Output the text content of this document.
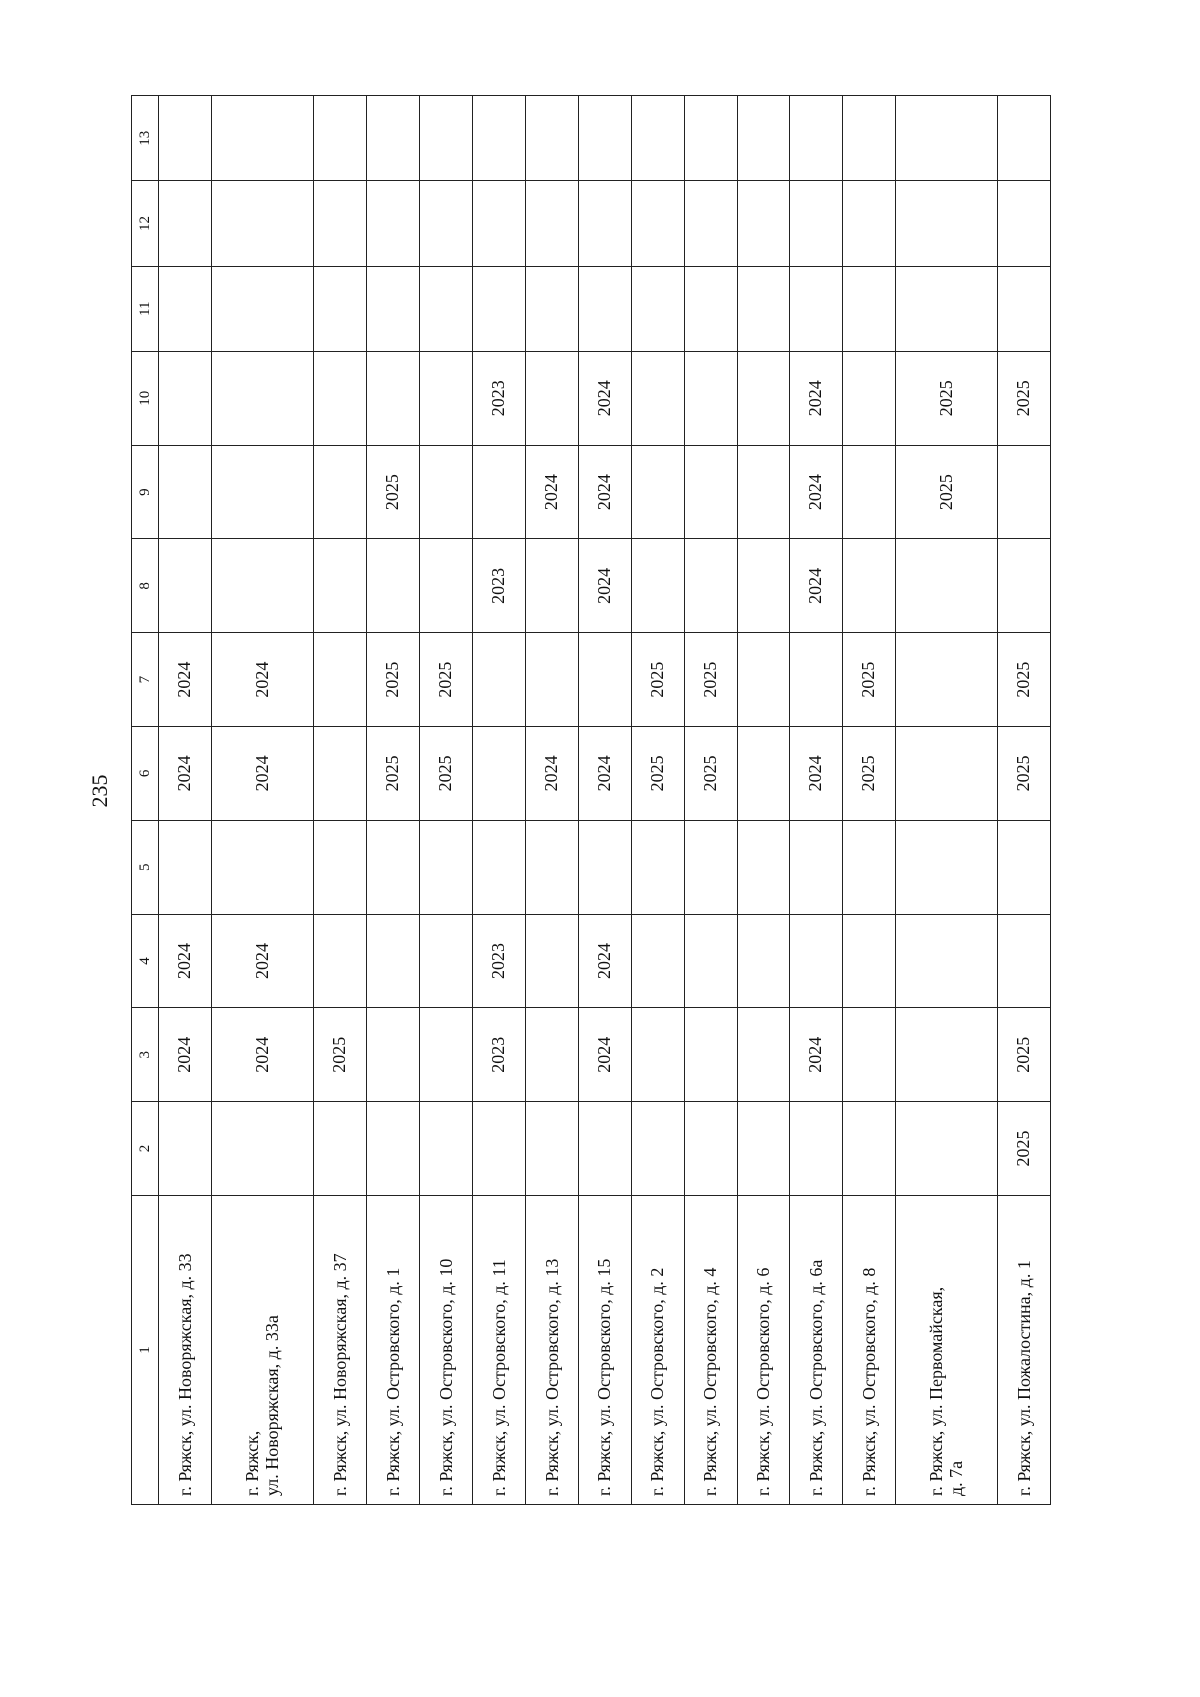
235
1	2	3	4	5	6	7	8	9	10	11	12	13
г. Ряжск, ул. Новоряжская, д. 33		2024	2024		2024	2024						
г. Ряжск,
ул. Новоряжская, д. 33а		2024	2024		2024	2024						
г. Ряжск, ул. Новоряжская, д. 37		2025										
г. Ряжск, ул. Островского, д. 1					2025	2025		2025				
г. Ряжск, ул. Островского, д. 10					2025	2025						
г. Ряжск, ул. Островского, д. 11		2023	2023				2023		2023			
г. Ряжск, ул. Островского, д. 13					2024			2024				
г. Ряжск, ул. Островского, д. 15		2024	2024		2024		2024	2024	2024			
г. Ряжск, ул. Островского, д. 2					2025	2025						
г. Ряжск, ул. Островского, д. 4					2025	2025						
г. Ряжск, ул. Островского, д. 6												
г. Ряжск, ул. Островского, д. 6а		2024			2024		2024	2024	2024			
г. Ряжск, ул. Островского, д. 8					2025	2025						
г. Ряжск, ул. Первомайская,
д. 7а								2025	2025			
г. Ряжск, ул. Пожалостина, д. 1	2025	2025			2025	2025			2025			
